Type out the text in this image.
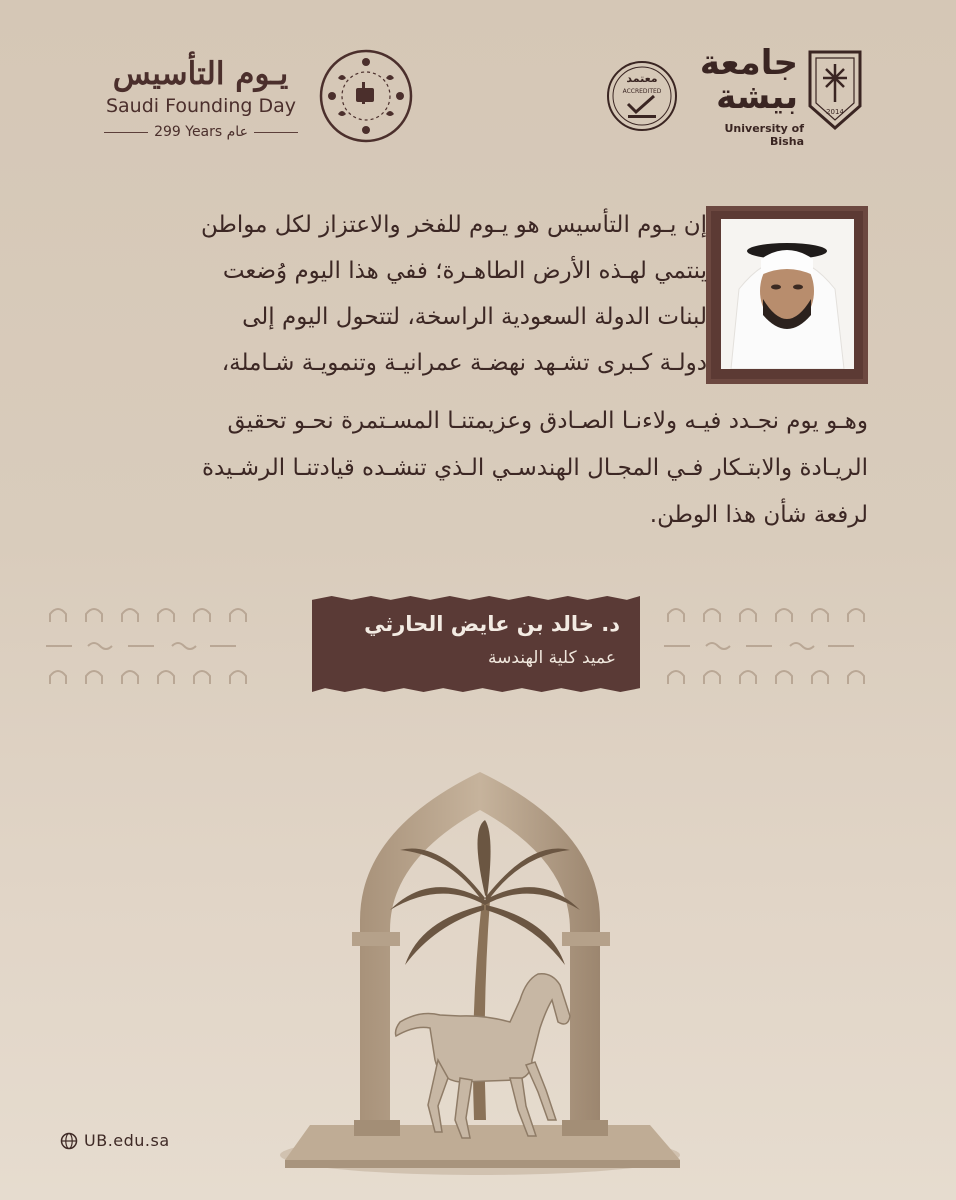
يـوم التأسيس
Saudi Founding Day
299 Years عام
معتمد
ACCREDITED
جامعة
بيشة
University of Bisha
2014
إن يـوم التأسيس هو يـوم للفخر والاعتزاز لكل مواطن
ينتمي لهـذه الأرض الطاهـرة؛ ففي هذا اليوم وُضعت
لبنات الدولة السعودية الراسخة، لتتحول اليوم إلى
دولـة كـبرى تشـهد نهضـة عمرانيـة وتنمويـة شـاملة،
وهـو يوم نجـدد فيـه ولاءنـا الصـادق وعزيمتنـا المسـتمرة نحـو تحقيق
الريـادة والابتـكار فـي المجـال الهندسـي الـذي تنشـده قيادتنـا الرشـيدة
لرفعة شأن هذا الوطن.
د. خالد بن عايض الحارثي
عميد كلية الهندسة
UB.edu.sa
